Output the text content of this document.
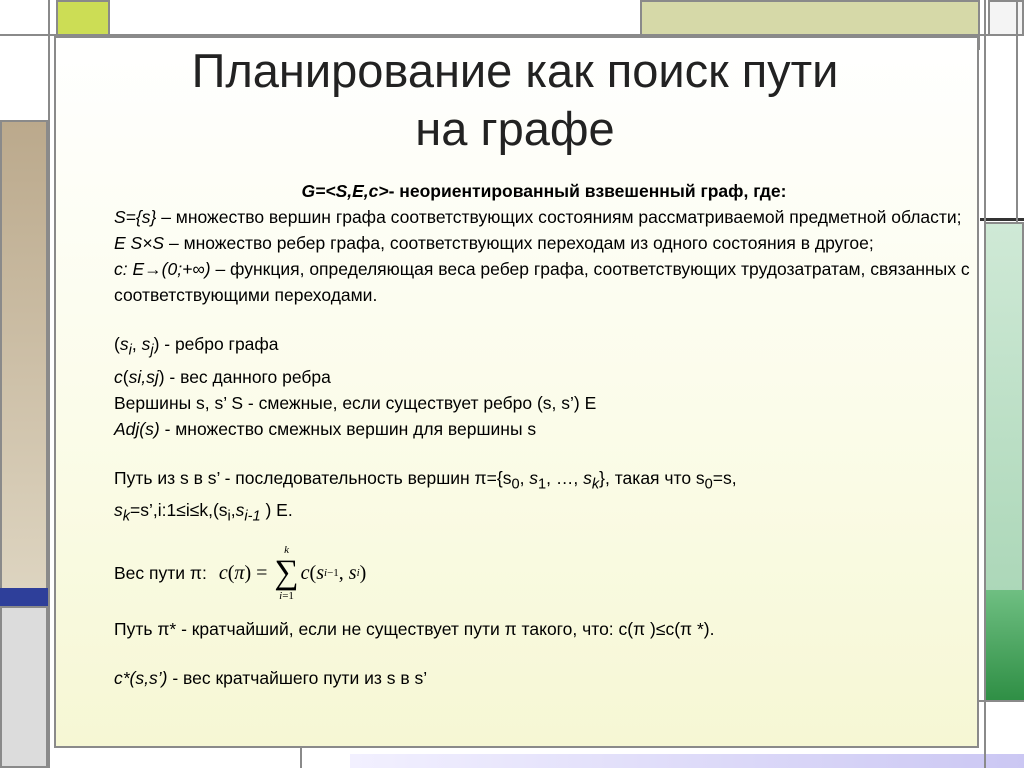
Планирование как поиск пути
на графе

G=<S,E,c>- неориентированный взвешенный граф, где:

S={s} – множество вершин графа соответствующих состояниям рассматриваемой предметной области;

E S×S – множество ребер графа, соответствующих переходам из одного состояния в другое;

c: E→(0;+∞) – функция, определяющая веса ребер графа, соответствующих трудозатратам, связанных с соответствующими переходами.

($s_i$, $s_j$) - ребро графа

c(si,sj) - вес данного ребра

Вершины s, s’ S - смежные, если существует ребро (s, s’) E

Adj(s) - множество смежных вершин для вершины s

Путь из s в s’ - последовательность вершин $\pi=\{s_0$, $s_1$, …, $s_k$}, такая что $s_0=s$,
$s_k=s’,i:1\le i\le k,(s_i,s_{i-1}$ ) E.

Вес пути π: c ( π ) =
k
∑
i=1
c ( s i−1 , s i )

Путь π* - кратчайший, если не существует пути π такого, что: c(π )≤c(π *).

c*(s,s’) - вес кратчайшего пути из s в s’
